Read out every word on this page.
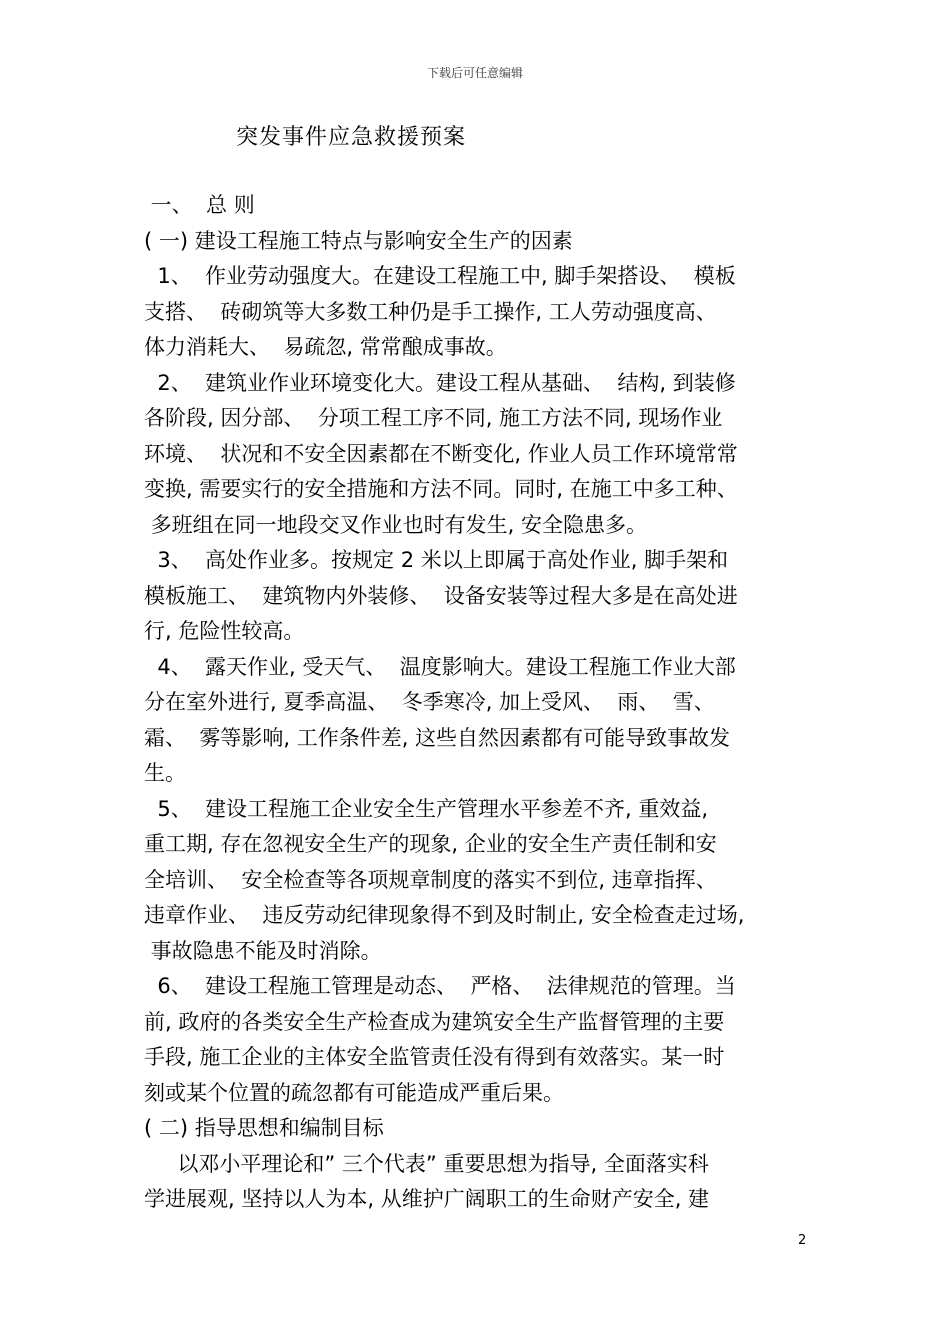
下载后可任意编辑
突发事件应急救援预案
一、  总 则
( 一) 建设工程施工特点与影响安全生产的因素
1、  作业劳动强度大。在建设工程施工中, 脚手架搭设、  模板
支搭、  砖砌筑等大多数工种仍是手工操作, 工人劳动强度高、
体力消耗大、  易疏忽, 常常酿成事故。
2、  建筑业作业环境变化大。建设工程从基础、  结构, 到装修
各阶段, 因分部、  分项工程工序不同, 施工方法不同, 现场作业
环境、  状况和不安全因素都在不断变化, 作业人员工作环境常常
变换, 需要实行的安全措施和方法不同。同时, 在施工中多工种、
多班组在同一地段交叉作业也时有发生, 安全隐患多。
3、  高处作业多。按规定 2 米以上即属于高处作业, 脚手架和
模板施工、  建筑物内外装修、  设备安装等过程大多是在高处进
行, 危险性较高。
4、  露天作业, 受天气、  温度影响大。建设工程施工作业大部
分在室外进行, 夏季高温、  冬季寒冷, 加上受风、  雨、  雪、
霜、  雾等影响, 工作条件差, 这些自然因素都有可能导致事故发
生。
5、  建设工程施工企业安全生产管理水平参差不齐, 重效益,
重工期, 存在忽视安全生产的现象, 企业的安全生产责任制和安
全培训、  安全检查等各项规章制度的落实不到位, 违章指挥、
违章作业、  违反劳动纪律现象得不到及时制止, 安全检查走过场,
事故隐患不能及时消除。
6、  建设工程施工管理是动态、  严格、  法律规范的管理。当
前, 政府的各类安全生产检查成为建筑安全生产监督管理的主要
手段, 施工企业的主体安全监管责任没有得到有效落实。某一时
刻或某个位置的疏忽都有可能造成严重后果。
( 二) 指导思想和编制目标
以邓小平理论和” 三个代表” 重要思想为指导, 全面落实科
学进展观, 坚持以人为本, 从维护广阔职工的生命财产安全, 建
2
